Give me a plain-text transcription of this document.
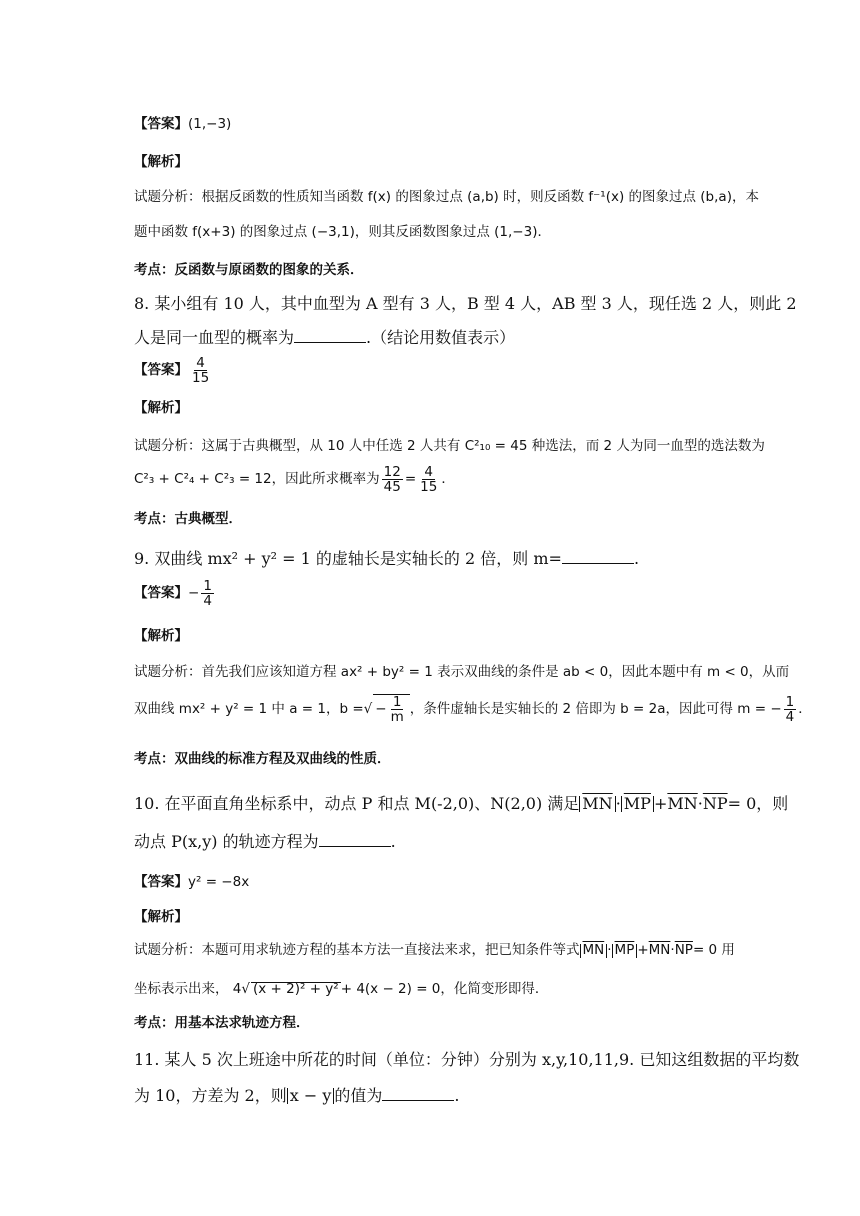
【答案】(1,−3)
【解析】
试题分析：根据反函数的性质知当函数 f(x) 的图象过点 (a,b) 时，则反函数 f⁻¹(x) 的图象过点 (b,a)，本
题中函数 f(x+3) 的图象过点 (−3,1)，则其反函数图象过点 (1,−3)．
考点：反函数与原函数的图象的关系．
8. 某小组有 10 人，其中血型为 A 型有 3 人，B 型 4 人，AB 型 3 人，现任选 2 人，则此 2
人是同一血型的概率为	.（结论用数值表示）
【答案】 $\frac{4}{15}$
【解析】
试题分析：这属于古典概型，从 10 人中任选 2 人共有 C²₁₀ = 45 种选法，而 2 人为同一血型的选法数为
C²₃ + C²₄ + C²₃ = 12，因此所求概率为 $\frac{12}{45} = \frac{4}{15}$ ．
考点：古典概型．
9. 双曲线 mx² + y² = 1 的虚轴长是实轴长的 2 倍，则 m=	.
【答案】− $\frac{1}{4}$
【解析】
试题分析：首先我们应该知道方程 ax² + by² = 1 表示双曲线的条件是 ab < 0，因此本题中有 m < 0，从而
双曲线 mx² + y² = 1 中 a = 1，b =√ − $\frac{1}{m}$ ，条件虚轴长是实轴长的 2 倍即为 b = 2a，因此可得 m = − $\frac{1}{4}$ ．
考点：双曲线的标准方程及双曲线的性质．
10. 在平面直角坐标系中，动点 P 和点 M(-2,0)、N(2,0) 满足 $\overline{MN} \cdot \overline{MP} +\overline{MN}\cdot\overline{NP}= 0$，则
动点 P(x,y) 的轨迹方程为	.
【答案】y² = −8x
【解析】
试题分析：本题可用求轨迹方程的基本方法一直接法来求，把已知条件等式 $\overline{MN} \cdot \overline{MP} +\overline{MN}\cdot\overline{NP}= 0$ 用
坐标表示出来， 4√ (x + 2)² + y² + 4(x − 2) = 0，化简变形即得．
考点：用基本法求轨迹方程．
11. 某人 5 次上班途中所花的时间（单位：分钟）分别为 x,y,10,11,9. 已知这组数据的平均数
为 10，方差为 2，则 x − y 的值为	.
